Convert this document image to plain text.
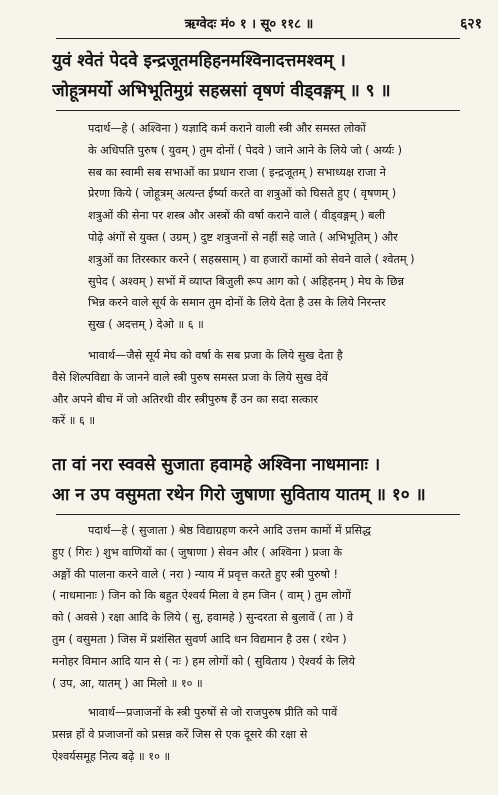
ऋग्वेदः मं० १ । सू० ११८ ॥	६२१
युवं श्वेतं पेदवे इन्द्रजूतमहिहनमश्विनादत्तमश्वम् ।
जोहूत्रमर्यो अभिभूतिमुग्रं सहस्रसां वृषणं वीड्वङ्गम् ॥ ९ ॥
पदार्थ—हे ( अश्विना ) यज्ञादि कर्म कराने वाली स्त्री और समस्त लोकों
के अधिपति पुरुष ( युवम् ) तुम दोनों ( पेदवे ) जाने आने के लिये जो ( अर्य्यः )
सब का स्वामी सब सभाओं का प्रधान राजा ( इन्द्रजूतम् ) सभाध्यक्ष राजा ने
प्रेरणा किये ( जोहूत्रम् अत्यन्त ईर्ष्या करते वा शत्रुओं को घिसते हुए ( वृषणम् )
शत्रुओं की सेना पर शस्त्र और अस्त्रों की वर्षा कराने वाले ( वीड्वङ्गम् ) बली
पोढ़े अंगों से युक्त ( उग्रम् ) दुष्ट शत्रुजनों से नहीं सहे जाते ( अभिभूतिम् ) और
शत्रुओं का तिरस्कार करने ( सहस्रसाम् ) वा हजारों कामों को सेवने वाले ( श्वेतम् )
सुपेद ( अश्वम् ) सभों में व्याप्त बिजुली रूप आग को ( अहिहनम् ) मेघ के छिन्न
भिन्न करने वाले सूर्य के समान तुम दोनों के लिये देता है उस के लिये निरन्तर
सुख ( अदत्तम् ) देओ ॥ ६ ॥
भावार्थ—जैसे सूर्य मेघ को वर्षा के सब प्रजा के लिये सुख देता है
वैसे शिल्पविद्या के जानने वाले स्त्री पुरुष समस्त प्रजा के लिये सुख देवें
और अपने बीच में जो अतिरथी वीर स्त्रीपुरुष हैं उन का सदा सत्कार
करें ॥ ६ ॥
ता वां नरा स्ववसे सुजाता हवामहे अश्विना नाधमानाः ।
आ न उप वसुमता रथेन गिरो जुषाणा सुविताय यातम् ॥ १० ॥
पदार्थ—हे ( सुजाता ) श्रेष्ठ विद्याग्रहण करने आदि उत्तम कामों में प्रसिद्ध
हुए ( गिरः ) शुभ वाणियों का ( जुषाणा ) सेवन और ( अश्विना ) प्रजा के
अङ्गों की पालना करने वाले ( नरा ) न्याय में प्रवृत्त करते हुए स्त्री पुरुषो !
( नाधमानाः ) जिन को कि बहुत ऐश्वर्य मिला वे हम जिन ( वाम् ) तुम लोगों
को ( अवसे ) रक्षा आदि के लिये ( सु, हवामहे ) सुन्दरता से बुलावें ( ता ) वे
तुम ( वसुमता ) जिस में प्रशंसित सुवर्ण आदि धन विद्यमान है उस ( रथेन )
मनोहर विमान आदि यान से ( नः ) हम लोगों को ( सुविताय ) ऐश्वर्य के लिये
( उप, आ, यातम् ) आ मिलो ॥ १० ॥
भावार्थ—प्रजाजनों के स्त्री पुरुषों से जो राजपुरुष प्रीति को पावें
प्रसन्न हों वे प्रजाजनों को प्रसन्न करें जिस से एक दूसरे की रक्षा से
ऐश्वर्यसमूह नित्य बढ़े ॥ १० ॥
